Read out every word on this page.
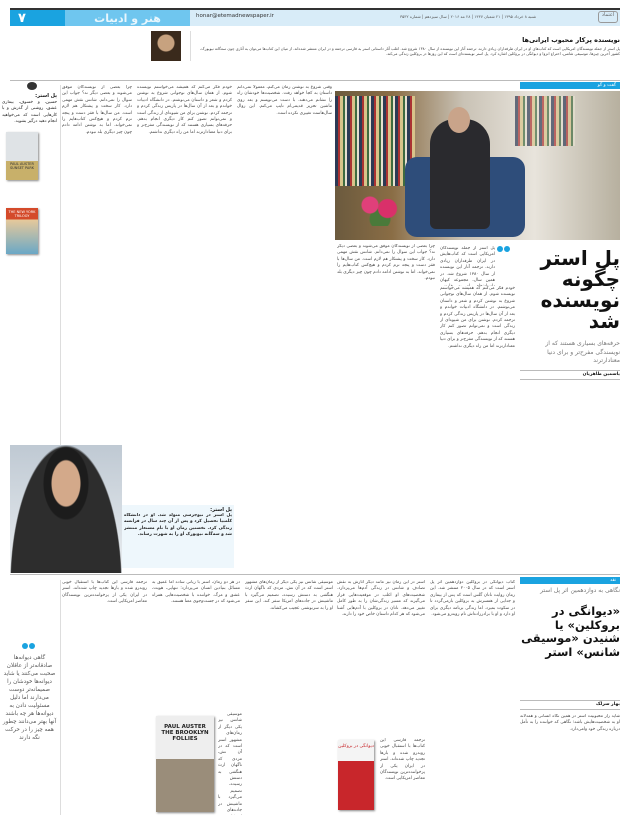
۷	هنر و ادبیات	honar@etemadnewspaper.ir	شنبه ۸ خرداد ۱۳۹۵ | ۲۱ شعبان ۱۴۳۷ | ۲۸ مه ۲۰۱۶ | سال سیزدهم | شماره ۳۵۳۲	اعتماد
نویسنده پرکار محبوب ایرانی‌ها
پل استر از جمله نویسندگان امریکایی است که کتاب‌های او در ایران طرفداران زیادی دارند. ترجمه آثار این نویسنده از سال ۱۳۸۰ شروع شد. اغلب آثار داستانی استر به فارسی ترجمه و در ایران منتشر شده‌اند. از میان این کتاب‌ها می‌توان به آثاری چون سه‌گانه نیویورک، کشور آخرین چیزها، موسیقی شانس، اختراع انزوا و دیوانگی در بروکلین اشاره کرد. پل استر نویسنده‌ای است که این روزها در بروکلین زندگی می‌کند.
گفت و گو
پل استر چگونه نویسنده شد
حرفه‌های بسیاری هستند که از نویسندگی مفرح‌تر و برای دنیا معنادارترند
یاسمین طاهریان
پل استر از جمله نویسندگان امریکایی است که کتاب‌هایش در ایران طرفداران زیادی دارند. ترجمه آثار این نویسنده از سال ۱۳۸۰ شروع شد. در همین سال، مجموعه کیهان
خودم فکر می‌کنم که همیشه می‌خواستم نویسنده شوم. از همان سال‌های نوجوانی شروع به نوشتن کردم و شعر و داستان می‌نوشتم. در دانشگاه ادبیات خواندم و بعد از آن سال‌ها در پاریس زندگی کردم و ترجمه کردم. نوشتن برای من شیوه‌ای از زندگی است و نمی‌توانم تصور کنم کار دیگری انجام بدهم. حرفه‌های بسیاری هستند که از نویسندگی مفرح‌تر و برای دنیا معنادارترند اما من راه دیگری نداشتم.
چرا بعضی از نویسندگان موفق می‌شوند و بعضی دیگر نه؟ جواب این سوال را نمی‌دانم. شانس نقش مهمی دارد. کار سخت و پشتکار هم لازم است. من سال‌ها با فقر دست و پنجه نرم کردم و هیچ‌کس کتاب‌هایم را نمی‌خواند. اما به نوشتن ادامه دادم چون چیز دیگری بلد نبودم.
وقتی شروع به نوشتن رمان می‌کنم، معمولا نمی‌دانم داستان به کجا خواهد رفت. شخصیت‌ها خودشان راه را نشانم می‌دهند. با دست می‌نویسم و بعد روی ماشین تحریر قدیمی‌ام تایپ می‌کنم. این روال سال‌هاست تغییری نکرده است.
خودم فکر می‌کنم که همیشه می‌خواستم نویسنده شوم. از همان سال‌های نوجوانی شروع به نوشتن کردم و شعر و داستان می‌نوشتم. در دانشگاه ادبیات خواندم و بعد از آن سال‌ها در پاریس زندگی کردم و ترجمه کردم. نوشتن برای من شیوه‌ای از زندگی است و نمی‌توانم تصور کنم کار دیگری انجام بدهم. حرفه‌های بسیاری هستند که از نویسندگی مفرح‌تر و برای دنیا معنادارترند اما من راه دیگری نداشتم.
چرا بعضی از نویسندگان موفق می‌شوند و بعضی دیگر نه؟ جواب این سوال را نمی‌دانم. شانس نقش مهمی دارد. کار سخت و پشتکار هم لازم است. من سال‌ها با فقر دست و پنجه نرم کردم و هیچ‌کس کتاب‌هایم را نمی‌خواند. اما به نوشتن ادامه دادم چون چیز دیگری بلد نبودم.
پل استر:
پل استر در نیوجرسی متولد شد. او در دانشگاه کلمبیا تحصیل کرد و پس از آن چند سال در فرانسه زندگی کرد. نخستین رمان او با نام مستعار منتشر شد و سه‌گانه نیویورک او را به شهرت رساند.
پل استر:
حسین، و خسوف، بیماری عشق، روشنی از گذرش و با کارهایی است که می‌خواهید انجام دهید درگیر بشوید.
PAUL AUSTER SUNSET PARK
THE NEW YORK TRILOGY
نقد
نگاهی به دوازدهمین اثر پل استر
«دیوانگی در بروکلین» یا شنیدن «موسیقی شانس» استر
بهار سرلک
کتاب دیوانگی در بروکلین دوازدهمین اثر پل استر است که در سال ۲۰۰۵ منتشر شد. این رمان روایت ناتان گلس است که پس از بیماری و جدایی از همسرش به بروکلین بازمی‌گردد تا در سکوت بمیرد. اما زندگی برنامه دیگری برای او دارد و او با برادرزاده‌اش تام روبه‌رو می‌شود.
شاید راز محبوبیت استر در همین نگاه انسانی و همدلانه او به شخصیت‌هایش باشد؛ نگاهی که خواننده را به تأمل درباره زندگی خود وامی‌دارد.
استر در این رمان نیز مانند دیگر آثارش به نقش تصادف و شانس در زندگی آدم‌ها می‌پردازد. شخصیت‌های او اغلب در موقعیت‌هایی قرار می‌گیرند که مسیر زندگی‌شان را به طور کامل تغییر می‌دهد. ناتان در بروکلین با آدم‌هایی آشنا می‌شود که هر کدام داستان خاص خود را دارند.
موسیقی شانس نیز یکی دیگر از رمان‌های مشهور استر است که در آن نش، مردی که ناگهان ارث هنگفتی به دستش رسیده، تصمیم می‌گیرد با ماشینش در جاده‌های امریکا سفر کند. این سفر او را به سرنوشتی عجیب می‌کشاند.
در هر دو رمان، استر با زبانی ساده اما عمیق به مسائل بنیادین انسان می‌پردازد: تنهایی، هویت، عشق و مرگ. خواننده با شخصیت‌هایی همراه می‌شود که در جست‌وجوی معنا هستند.
ترجمه فارسی این کتاب‌ها با استقبال خوبی روبه‌رو شده و بارها تجدید چاپ شده‌اند. استر در ایران یکی از پرخواننده‌ترین نویسندگان معاصر امریکایی است.
ترجمه فارسی این کتاب‌ها با استقبال خوبی روبه‌رو شده و بارها تجدید چاپ شده‌اند. استر در ایران یکی از پرخواننده‌ترین نویسندگان معاصر امریکایی است.
موسیقی شانس نیز یکی دیگر از رمان‌های مشهور استر است که در آن نش، مردی که ناگهان ارث هنگفتی به دستش رسیده، تصمیم می‌گیرد با ماشینش در جاده‌های
PAUL AUSTER THE BROOKLYN FOLLIES
دیوانگی در بروکلین
گاهی دیوانه‌ها صادقانه‌تر از عاقلان صحبت می‌کنند یا شاید دیوانه‌ها خودشان را صمیمانه‌تر دوست می‌دارند اما دلیل مسئولیت دادن به دیوانه‌ها هر چه باشند آنها بهتر می‌دانند چطور همه چیز را در حرکت نگه دارند
